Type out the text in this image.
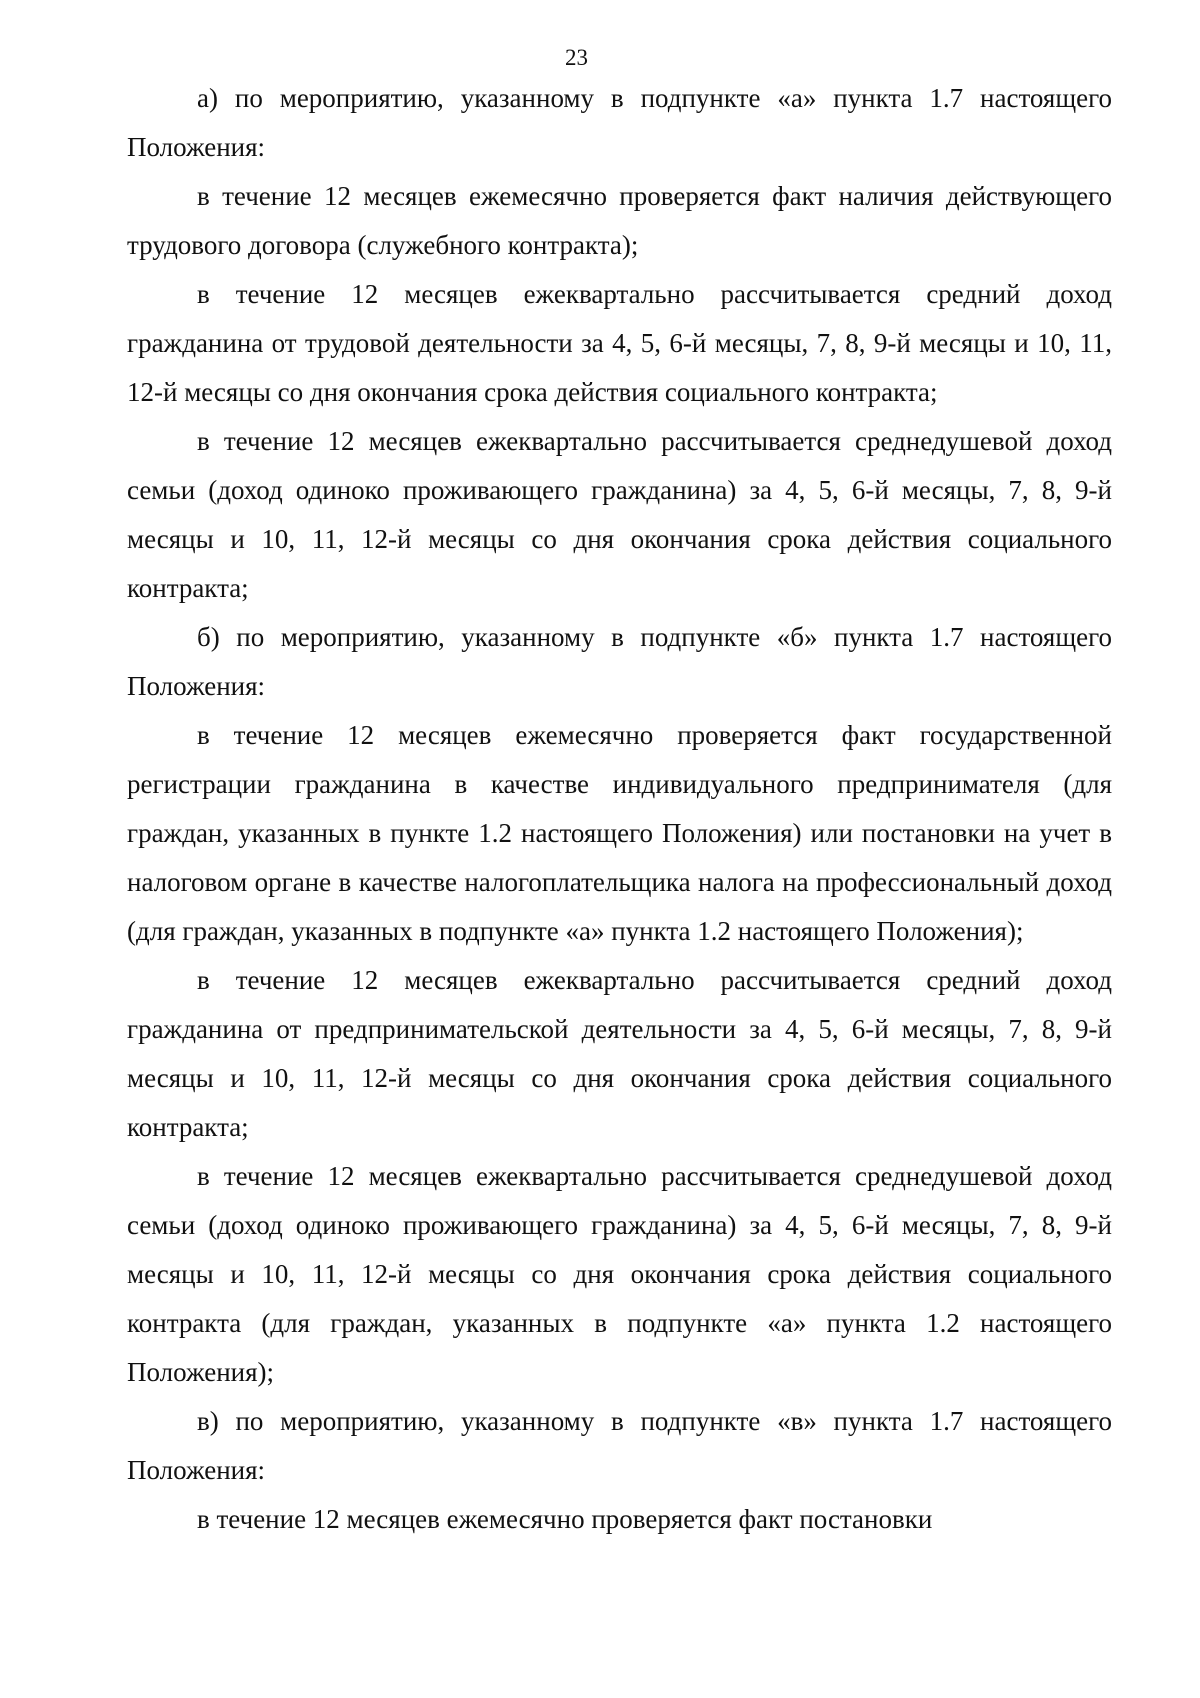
23

а) по мероприятию, указанному в подпункте «а» пункта 1.7 настоящего Положения:

в течение 12 месяцев ежемесячно проверяется факт наличия действующего трудового договора (служебного контракта);

в течение 12 месяцев ежеквартально рассчитывается средний доход гражданина от трудовой деятельности за 4, 5, 6-й месяцы, 7, 8, 9-й месяцы и 10, 11, 12-й месяцы со дня окончания срока действия социального контракта;

в течение 12 месяцев ежеквартально рассчитывается среднедушевой доход семьи (доход одиноко проживающего гражданина) за 4, 5, 6-й месяцы, 7, 8, 9-й месяцы и 10, 11, 12-й месяцы со дня окончания срока действия социального контракта;

б) по мероприятию, указанному в подпункте «б» пункта 1.7 настоящего Положения:

в течение 12 месяцев ежемесячно проверяется факт государственной регистрации гражданина в качестве индивидуального предпринимателя (для граждан, указанных в пункте 1.2 настоящего Положения) или постановки на учет в налоговом органе в качестве налогоплательщика налога на профессиональный доход (для граждан, указанных в подпункте «а» пункта 1.2 настоящего Положения);

в течение 12 месяцев ежеквартально рассчитывается средний доход гражданина от предпринимательской деятельности за 4, 5, 6-й месяцы, 7, 8, 9-й месяцы и 10, 11, 12-й месяцы со дня окончания срока действия социального контракта;

в течение 12 месяцев ежеквартально рассчитывается среднедушевой доход семьи (доход одиноко проживающего гражданина) за 4, 5, 6-й месяцы, 7, 8, 9-й месяцы и 10, 11, 12-й месяцы со дня окончания срока действия социального контракта (для граждан, указанных в подпункте «а» пункта 1.2 настоящего Положения);

в) по мероприятию, указанному в подпункте «в» пункта 1.7 настоящего Положения:

в течение 12 месяцев ежемесячно проверяется факт постановки
